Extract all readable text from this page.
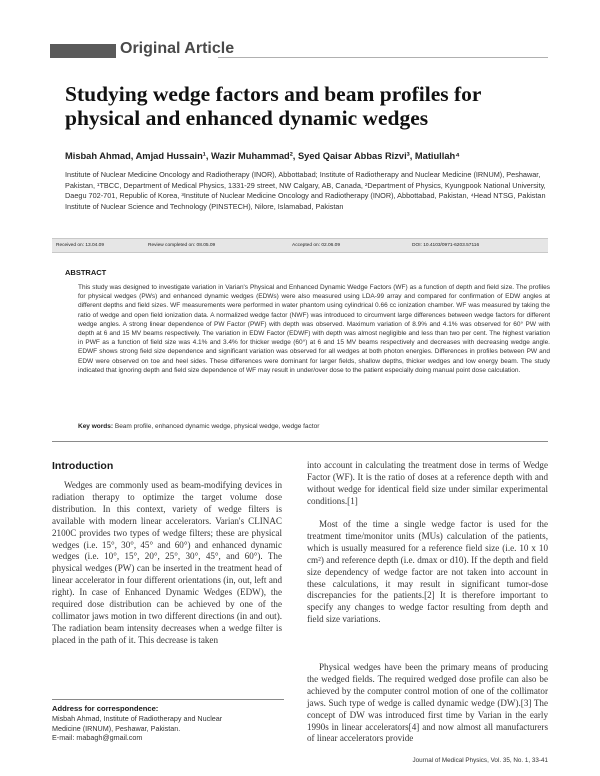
Original Article
Studying wedge factors and beam profiles for physical and enhanced dynamic wedges
Misbah Ahmad, Amjad Hussain¹, Wazir Muhammad², Syed Qaisar Abbas Rizvi³, Matiullah⁴
Institute of Nuclear Medicine Oncology and Radiotherapy (INOR), Abbottabad; Institute of Radiotherapy and Nuclear Medicine (IRNUM), Peshawar, Pakistan, ¹TBCC, Department of Medical Physics, 1331-29 street, NW Calgary, AB, Canada, ²Department of Physics, Kyungpook National University, Daegu 702-701, Republic of Korea, ³Institute of Nuclear Medicine Oncology and Radiotherapy (INOR), Abbottabad, Pakistan, ⁴Head NTSG, Pakistan Institute of Nuclear Science and Technology (PINSTECH), Nilore, Islamabad, Pakistan
Received on: 13.04.09	Review completed on: 08.05.09	Accepted on: 02.06.09	DOI: 10.4103/0971-6203.57116
ABSTRACT
This study was designed to investigate variation in Varian's Physical and Enhanced Dynamic Wedge Factors (WF) as a function of depth and field size. The profiles for physical wedges (PWs) and enhanced dynamic wedges (EDWs) were also measured using LDA-99 array and compared for confirmation of EDW angles at different depths and field sizes. WF measurements were performed in water phantom using cylindrical 0.66 cc ionization chamber. WF was measured by taking the ratio of wedge and open field ionization data. A normalized wedge factor (NWF) was introduced to circumvent large differences between wedge factors for different wedge angles. A strong linear dependence of PW Factor (PWF) with depth was observed. Maximum variation of 8.9% and 4.1% was observed for 60° PW with depth at 6 and 15 MV beams respectively. The variation in EDW Factor (EDWF) with depth was almost negligible and less than two per cent. The highest variation in PWF as a function of field size was 4.1% and 3.4% for thicker wedge (60°) at 6 and 15 MV beams respectively and decreases with decreasing wedge angle. EDWF shows strong field size dependence and significant variation was observed for all wedges at both photon energies. Differences in profiles between PW and EDW were observed on toe and heel sides. These differences were dominant for larger fields, shallow depths, thicker wedges and low energy beam. The study indicated that ignoring depth and field size dependence of WF may result in under/over dose to the patient especially doing manual point dose calculation.
Key words: Beam profile, enhanced dynamic wedge, physical wedge, wedge factor
Introduction
Wedges are commonly used as beam-modifying devices in radiation therapy to optimize the target volume dose distribution. In this context, variety of wedge filters is available with modern linear accelerators. Varian's CLINAC 2100C provides two types of wedge filters; these are physical wedges (i.e. 15°, 30°, 45° and 60°) and enhanced dynamic wedges (i.e. 10°, 15°, 20°, 25°, 30°, 45°, and 60°). The physical wedges (PW) can be inserted in the treatment head of linear accelerator in four different orientations (in, out, left and right). In case of Enhanced Dynamic Wedges (EDW), the required dose distribution can be achieved by one of the collimator jaws motion in two different directions (in and out). The radiation beam intensity decreases when a wedge filter is placed in the path of it. This decrease is taken
into account in calculating the treatment dose in terms of Wedge Factor (WF). It is the ratio of doses at a reference depth with and without wedge for identical field size under similar experimental conditions.[1]
Most of the time a single wedge factor is used for the treatment time/monitor units (MUs) calculation of the patients, which is usually measured for a reference field size (i.e. 10 x 10 cm²) and reference depth (i.e. dmax or d10). If the depth and field size dependency of wedge factor are not taken into account in these calculations, it may result in significant tumor-dose discrepancies for the patients.[2] It is therefore important to specify any changes to wedge factor resulting from depth and field size variations.
Physical wedges have been the primary means of producing the wedged fields. The required wedged dose profile can also be achieved by the computer control motion of one of the collimator jaws. Such type of wedge is called dynamic wedge (DW).[3] The concept of DW was introduced first time by Varian in the early 1990s in linear accelerators[4] and now almost all manufacturers of linear accelerators provide
Address for correspondence:
Misbah Ahmad, Institute of Radiotherapy and Nuclear
Medicine (IRNUM), Peshawar, Pakistan.
E-mail: mabagh@gmail.com
Journal of Medical Physics, Vol. 35, No. 1, 33-41
